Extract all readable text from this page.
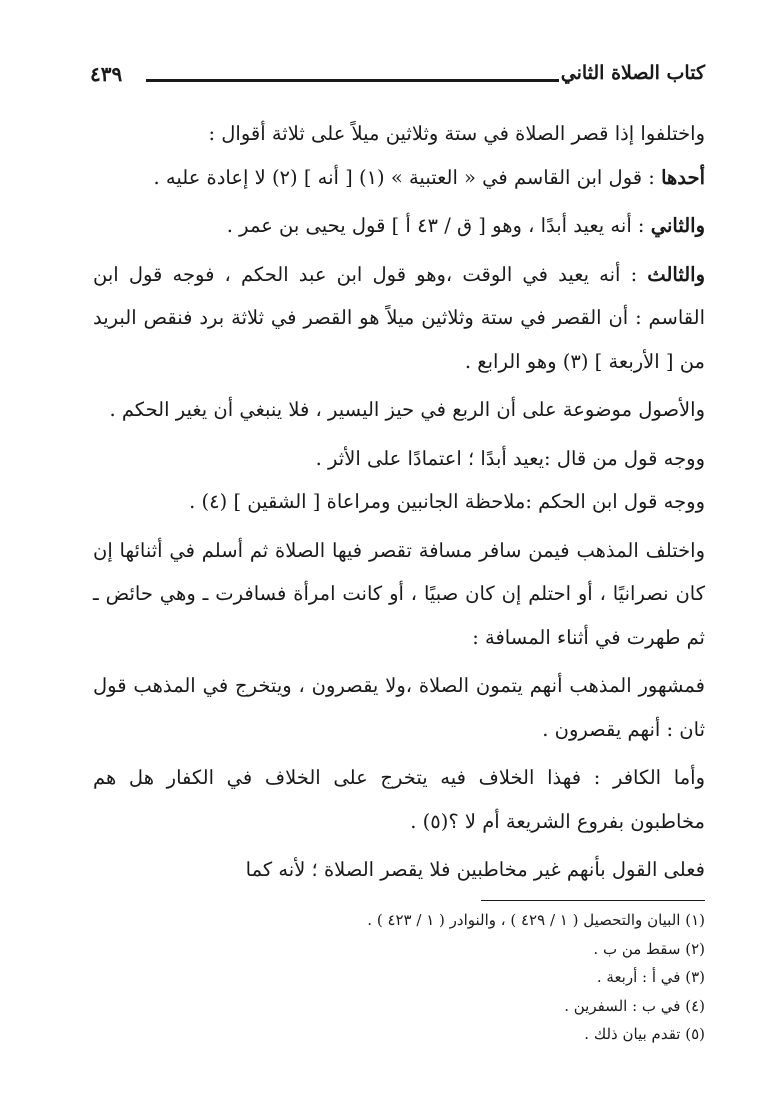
كتاب الصلاة الثاني
٤٣٩

واختلفوا إذا قصر الصلاة في ستة وثلاثين ميلاً على ثلاثة أقوال :

أحدها : قول ابن القاسم في « العتبية » (١) [ أنه ] (٢) لا إعادة عليه .

والثاني : أنه يعيد أبدًا ، وهو [ ق / ٤٣ أ ] قول يحيى بن عمر .

والثالث : أنه يعيد في الوقت ،وهو قول ابن عبد الحكم ، فوجه قول ابن القاسم : أن القصر في ستة وثلاثين ميلاً هو القصر في ثلاثة برد فنقص البريد من [ الأربعة ] (٣) وهو الرابع .

والأصول موضوعة على أن الربع في حيز اليسير ، فلا ينبغي أن يغير الحكم .

ووجه قول من قال :يعيد أبدًا ؛ اعتمادًا على الأثر .

ووجه قول ابن الحكم :ملاحظة الجانبين ومراعاة [ الشقين ] (٤) .

واختلف المذهب فيمن سافر مسافة تقصر فيها الصلاة ثم أسلم في أثنائها إن كان نصرانيًا ، أو احتلم إن كان صبيًا ، أو كانت امرأة فسافرت ـ وهي حائض ـ ثم طهرت في أثناء المسافة :

فمشهور المذهب أنهم يتمون الصلاة ،ولا يقصرون ، ويتخرج في المذهب قول ثان : أنهم يقصرون .

وأما الكافر : فهذا الخلاف فيه يتخرج على الخلاف في الكفار هل هم مخاطبون بفروع الشريعة أم لا ؟(٥) .

فعلى القول بأنهم غير مخاطبين فلا يقصر الصلاة ؛ لأنه كما

(١) البيان والتحصيل ( ١ / ٤٢٩ ) ، والنوادر ( ١ / ٤٢٣ ) .

(٢) سقط من ب .

(٣) في أ : أربعة .

(٤) في ب : السفرين .

(٥) تقدم بيان ذلك .
